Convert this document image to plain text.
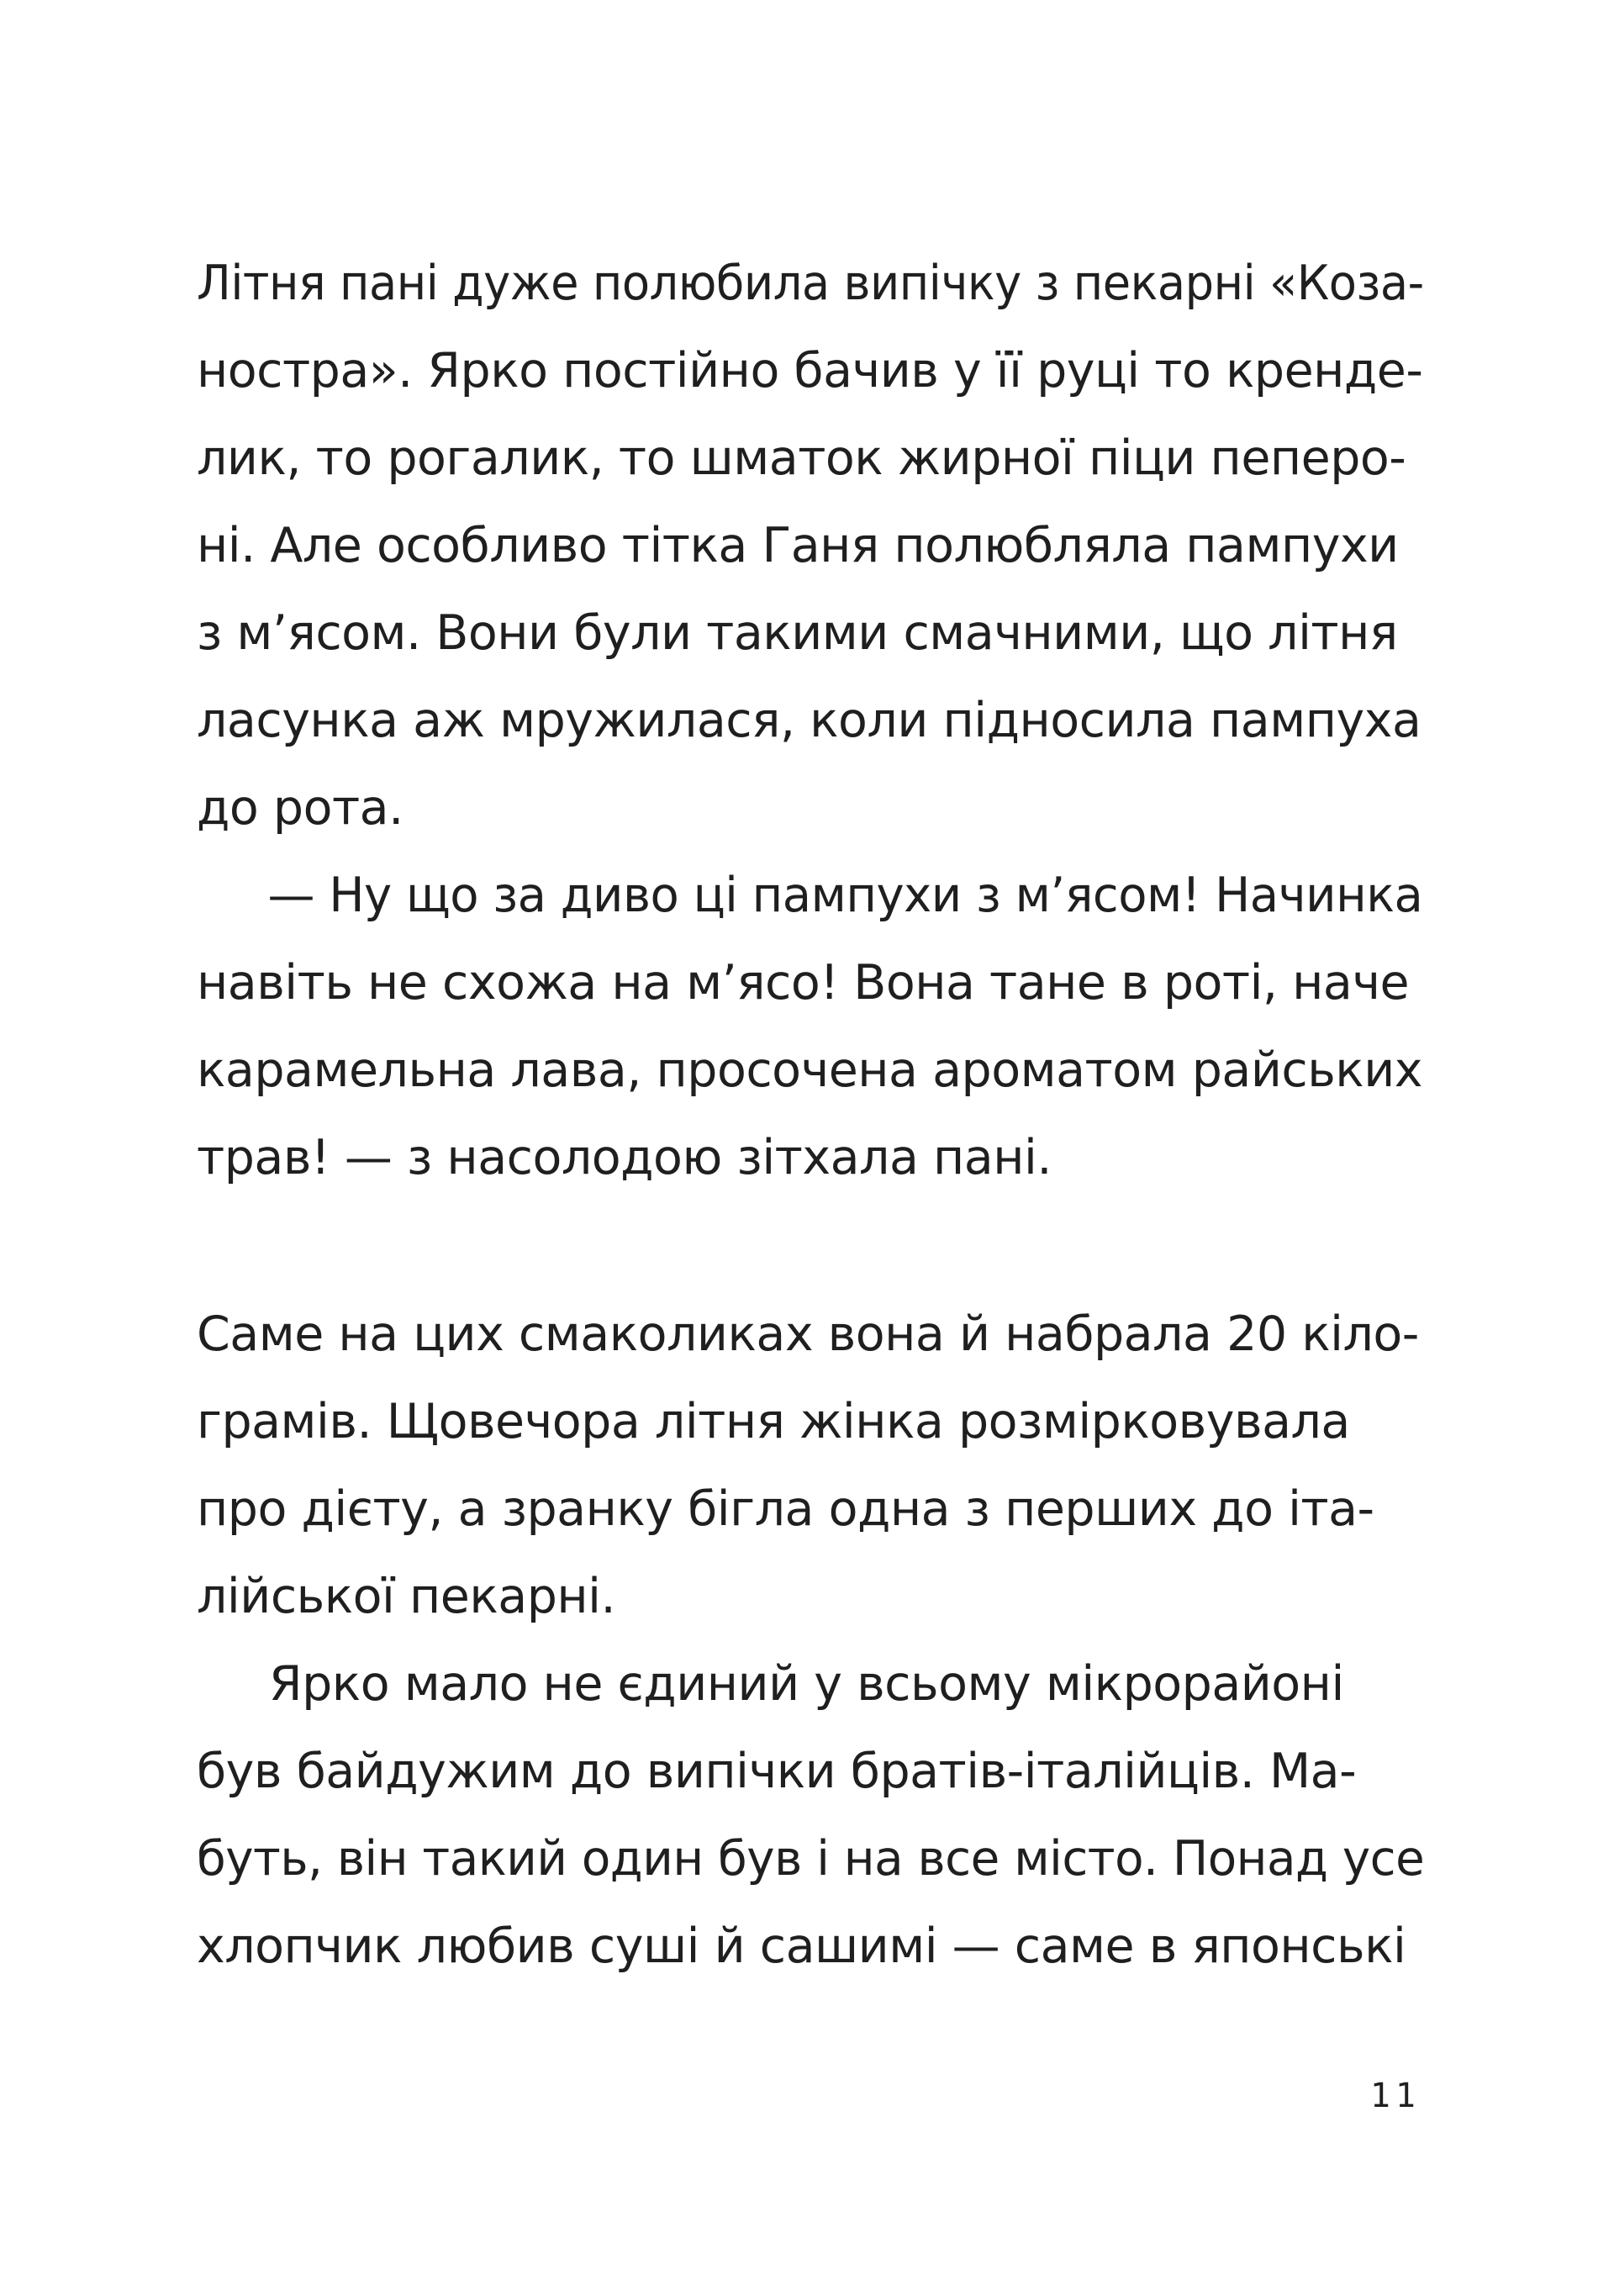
Літня пані дуже полюбила випічку з пекарні «Коза-
ностра». Ярко постійно бачив у її руці то кренде-
лик, то рогалик, то шматок жирної піци пеперо-
ні. Але особливо тітка Ганя полюбляла пампухи
з м’ясом. Вони були такими смачними, що літня
ласунка аж мружилася, коли підносила пампуха
до рота.
— Ну що за диво ці пампухи з м’ясом! Начинка
навіть не схожа на м’ясо! Вона тане в роті, наче
карамельна лава, просочена ароматом райських
трав! — з насолодою зітхала пані.
Саме на цих смаколиках вона й набрала 20 кіло-
грамів. Щовечора літня жінка розмірковувала
про дієту, а зранку бігла одна з перших до іта-
лійської пекарні.
Ярко мало не єдиний у всьому мікрорайоні
був байдужим до випічки братів-італійців. Ма-
буть, він такий один був і на все місто. Понад усе
хлопчик любив суші й сашимі — саме в японські
11
